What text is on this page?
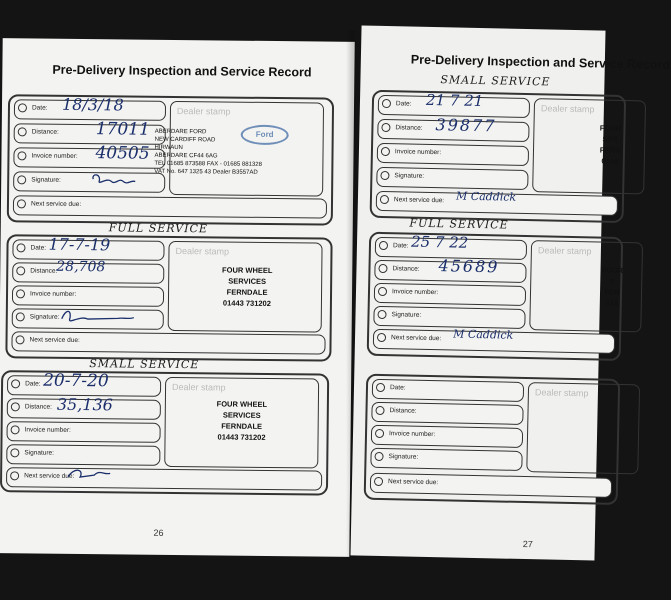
Pre-Delivery Inspection and Service Record
Date:
Distance:
Invoice number:
Signature:
Next service due:
Dealer stamp
Ford
ABERDARE FORD
NEW CARDIFF ROAD
HIRWAUN
ABERDARE CF44 6AG
TEL 01685 873588 FAX - 01685 881328
VAT No. 647 1325 43 Dealer B3557AD
18/3/18
17011
40505
FULL SERVICE
Date:
Distance:
Invoice number:
Signature:
Next service due:
Dealer stamp
FOUR WHEEL
SERVICES
FERNDALE
01443 731202
17-7-19
28,708
SMALL SERVICE
Date:
Distance:
Invoice number:
Signature:
Next service due:
Dealer stamp
FOUR WHEEL
SERVICES
FERNDALE
01443 731202
20-7-20
35,136
26
Pre-Delivery Inspection and Service Record
SMALL SERVICE
Date:
Distance:
Invoice number:
Signature:
Next service due:
Dealer stamp
FOUR
SER
FERN
0144
21 7 21
39877
M Caddick
FULL SERVICE
Date:
Distance:
Invoice number:
Signature:
Next service due:
Dealer stamp
FOUR
S
FER
014
25 7 22
45689
M Caddick
Date:
Distance:
Invoice number:
Signature:
Next service due:
Dealer stamp
27
